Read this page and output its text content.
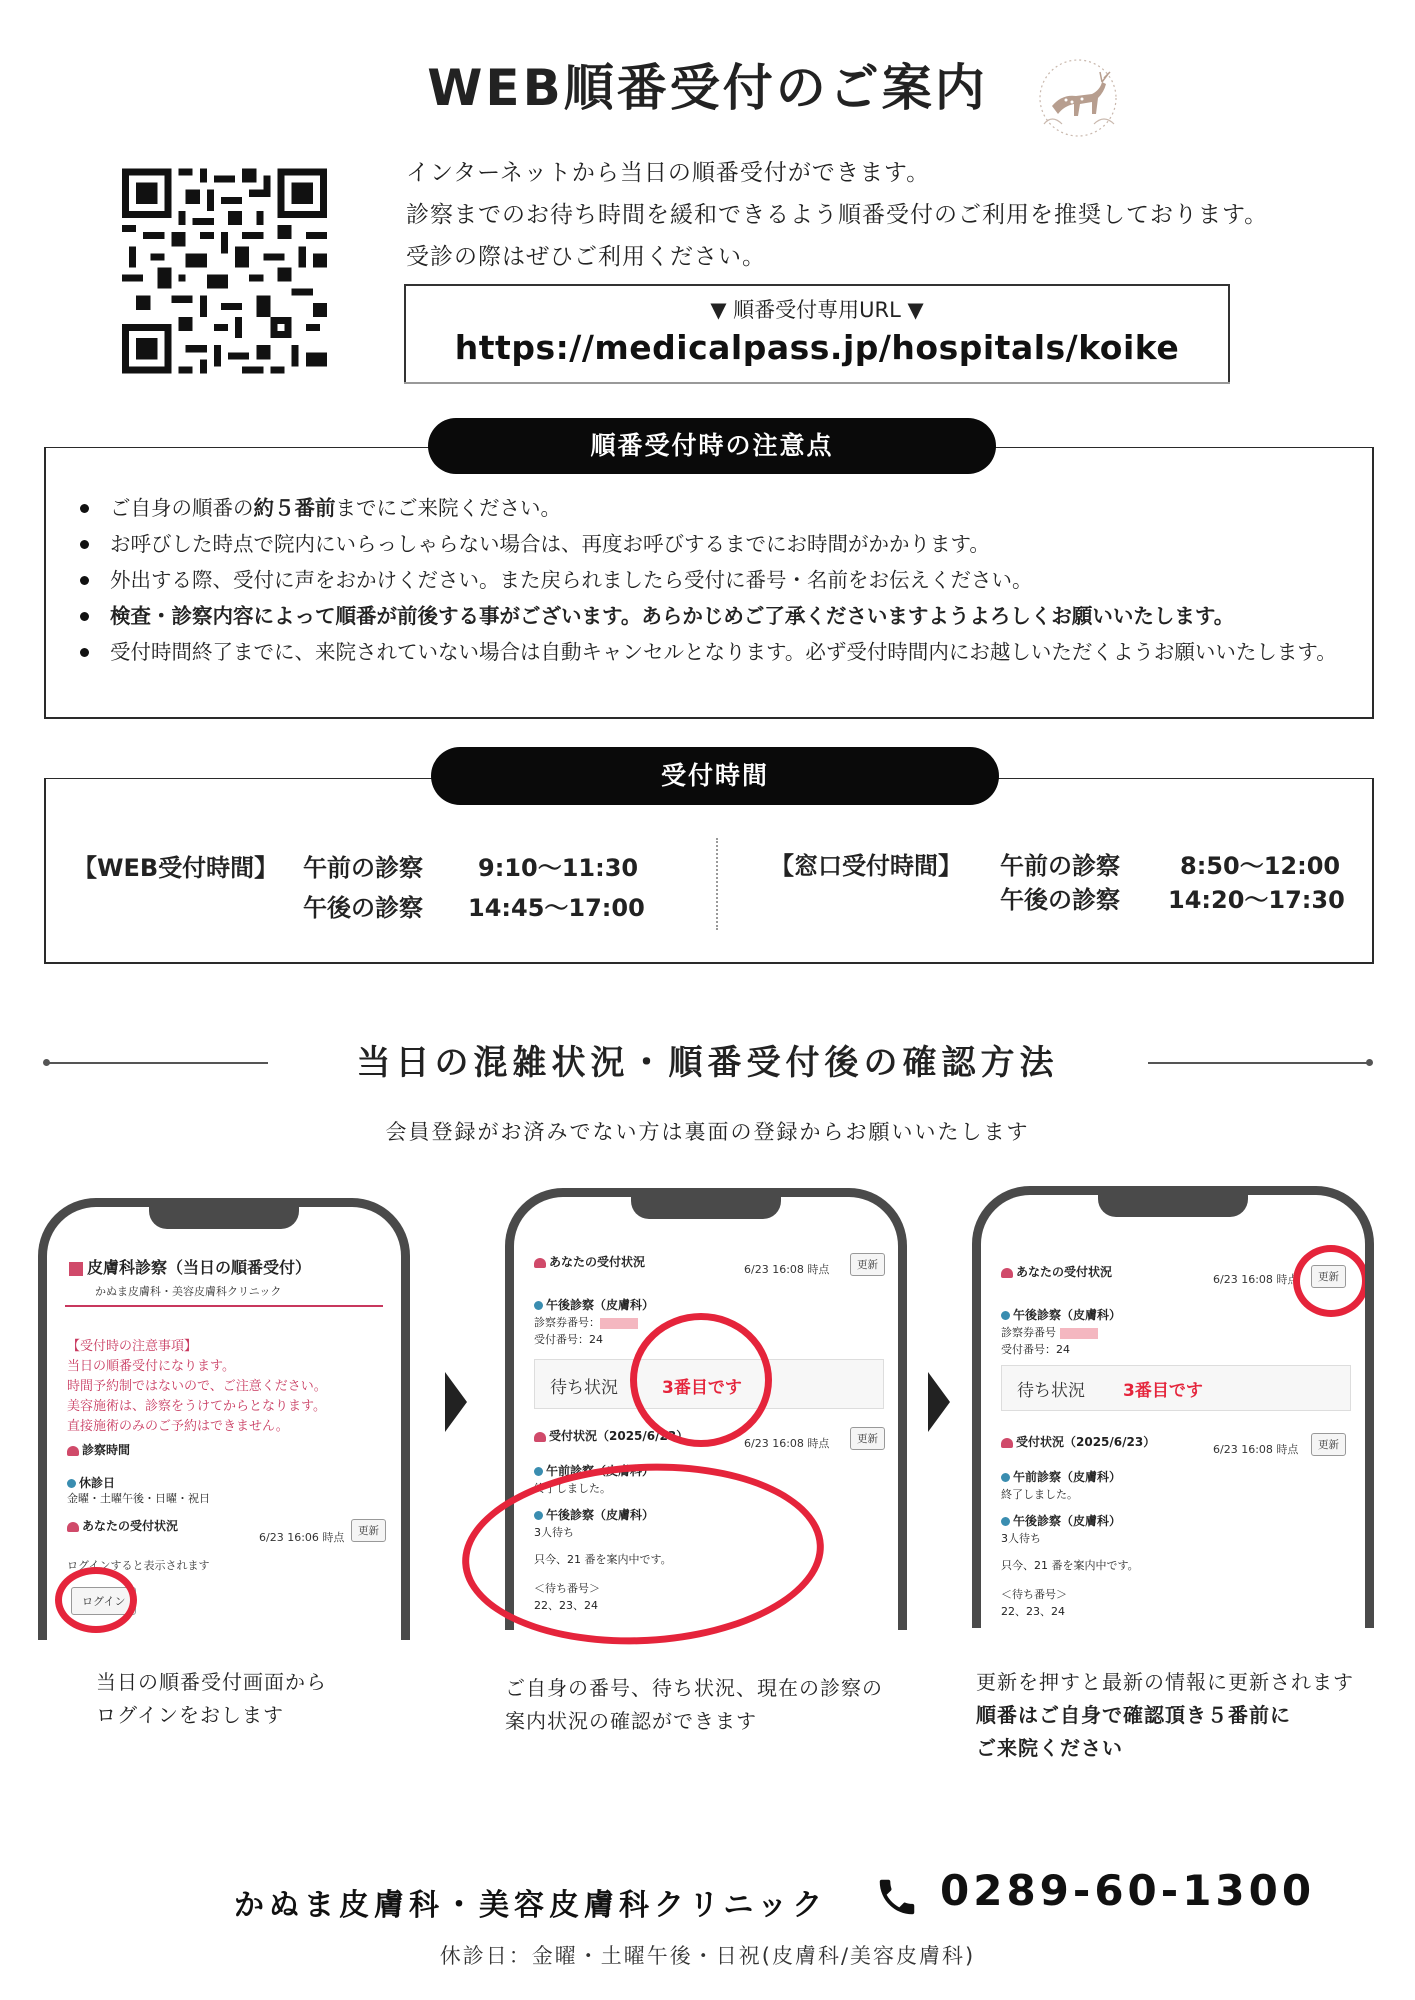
WEB順番受付のご案内
インターネットから当日の順番受付ができます。
診察までのお待ち時間を緩和できるよう順番受付のご利用を推奨しております。
受診の際はぜひご利用ください。
▼ 順番受付専用URL ▼
https://medicalpass.jp/hospitals/koike
順番受付時の注意点
ご自身の順番の約５番前までにご来院ください。
お呼びした時点で院内にいらっしゃらない場合は、再度お呼びするまでにお時間がかかります。
外出する際、受付に声をおかけください。また戻られましたら受付に番号・名前をお伝えください。
検査・診察内容によって順番が前後する事がございます。あらかじめご了承くださいますようよろしくお願いいたします。
受付時間終了までに、来院されていない場合は自動キャンセルとなります。必ず受付時間内にお越しいただくようお願いいたします。
受付時間
【WEB受付時間】 午前の診察 9:10～11:30
午後の診察 14:45～17:00
【窓口受付時間】 午前の診察	8:50～12:00
午後の診察 14:20～17:30
当日の混雑状況・順番受付後の確認方法
会員登録がお済みでない方は裏面の登録からお願いいたします
皮膚科診察（当日の順番受付）
かぬま皮膚科・美容皮膚科クリニック
【受付時の注意事項】
当日の順番受付になります。
時間予約制ではないので、ご注意ください。
美容施術は、診察をうけてからとなります。
直接施術のみのご予約はできません。
診察時間
休診日
金曜・土曜午後・日曜・祝日
あなたの受付状況
6/23 16:06 時点	更新
ログインすると表示されます
ログイン
あなたの受付状況
6/23 16:08 時点	更新
午後診察（皮膚科）
診察券番号：
受付番号：24
待ち状況	3番目です
受付状況（2025/6/23）
6/23 16:08 時点	更新
午前診察（皮膚科）
終了しました。
午後診察（皮膚科）
3人待ち
只今、21 番を案内中です。
＜待ち番号＞
22、23、24
あなたの受付状況
6/23 16:08 時点	更新
午後診察（皮膚科）
診察券番号
受付番号：24
待ち状況 3番目です
受付状況（2025/6/23）
6/23 16:08 時点	更新
午前診察（皮膚科）
終了しました。
午後診察（皮膚科）
3人待ち
只今、21 番を案内中です。
＜待ち番号＞
22、23、24
当日の順番受付画面から
ログインをおします
ご自身の番号、待ち状況、現在の診察の
案内状況の確認ができます
更新を押すと最新の情報に更新されます
順番はご自身で確認頂き５番前に
ご来院ください
かぬま皮膚科・美容皮膚科クリニック	0289-60-1300
休診日：金曜・土曜午後・日祝(皮膚科/美容皮膚科)
